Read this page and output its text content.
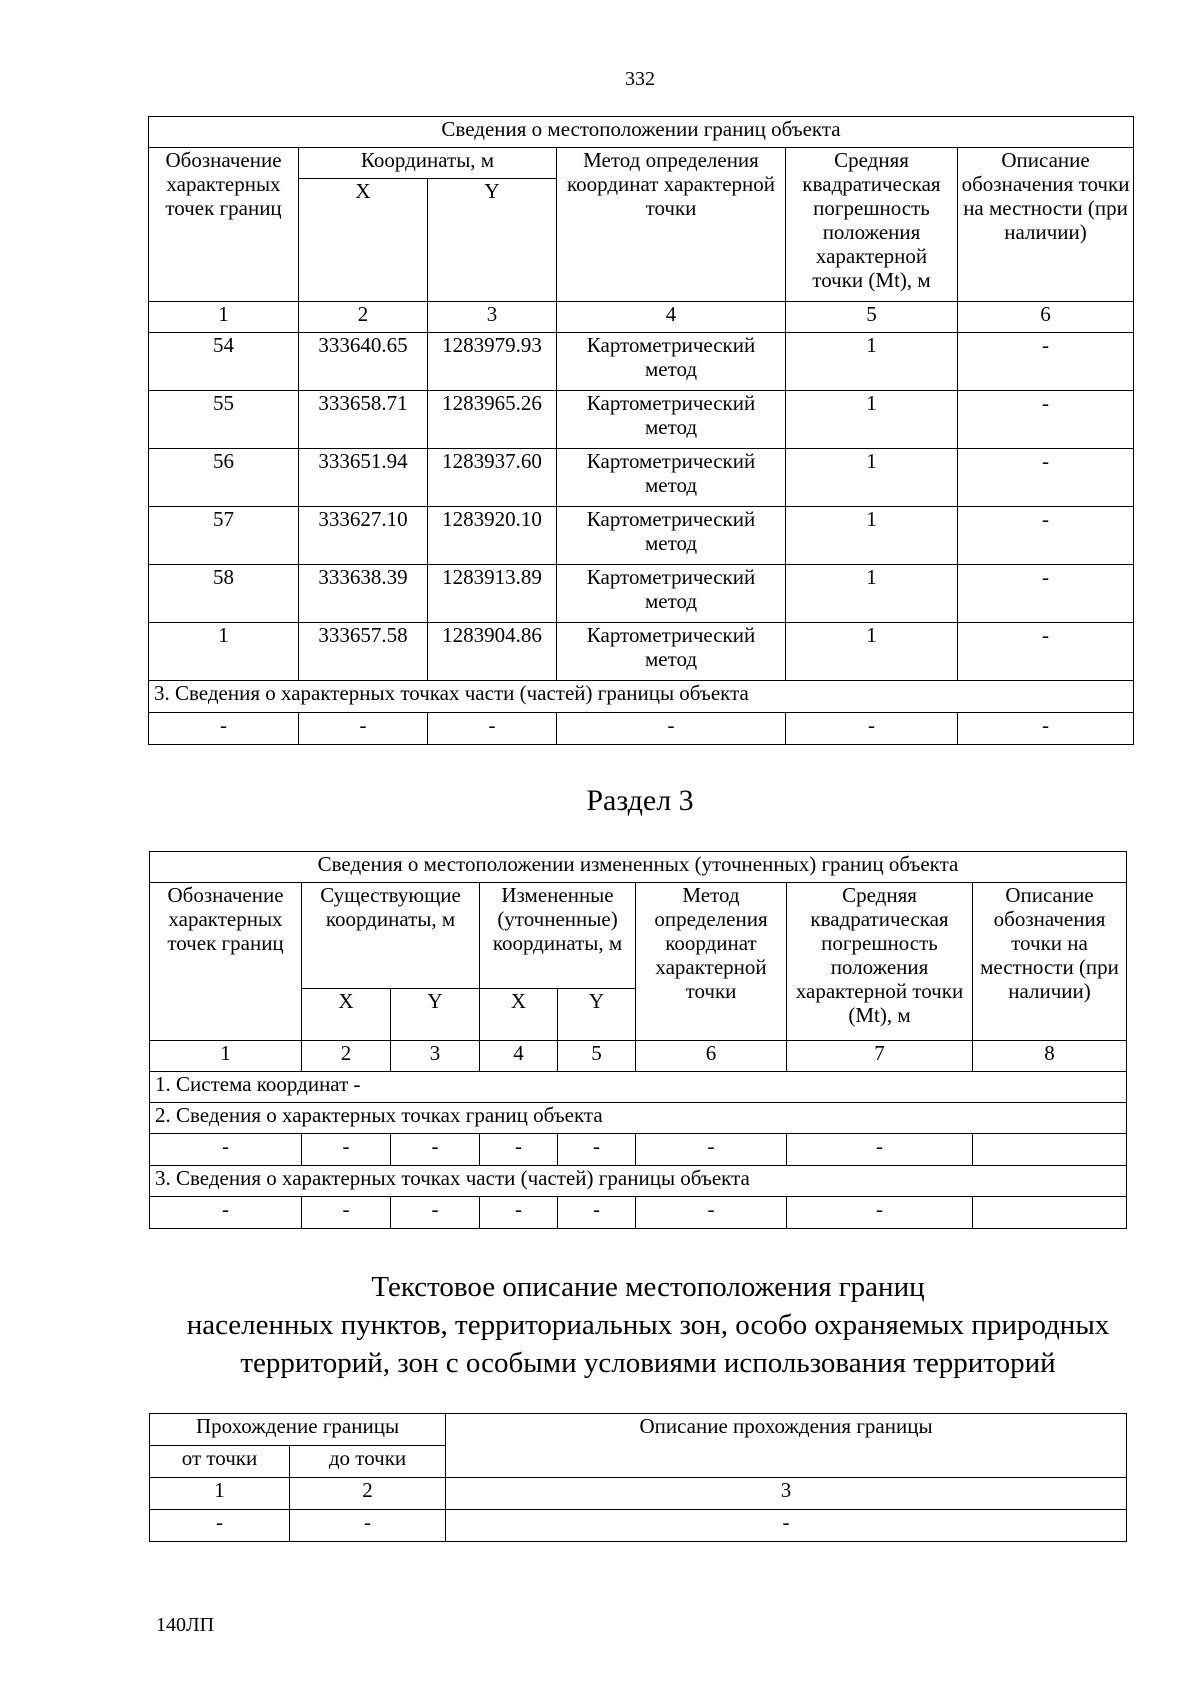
332
Сведения о местоположении границ объекта					
Обозначение характерных точек границ	Координаты, м		Метод определения координат характерной точки	Средняя квадратическая погрешность положения характерной точки (Mt), м	Описание обозначения точки на местности (при наличии)
	X	Y			
1	2	3	4	5	6
54	333640.65	1283979.93	Картометрический метод	1	-
55	333658.71	1283965.26	Картометрический метод	1	-
56	333651.94	1283937.60	Картометрический метод	1	-
57	333627.10	1283920.10	Картометрический метод	1	-
58	333638.39	1283913.89	Картометрический метод	1	-
1	333657.58	1283904.86	Картометрический метод	1	-
3. Сведения о характерных точках части (частей) границы объекта					
-	-	-	-	-	-
Раздел 3
Сведения о местоположении измененных (уточненных) границ объекта							
Обозначение характерных точек границ	Существующие координаты, м		Измененные (уточненные) координаты, м		Метод определения координат характерной точки	Средняя квадратическая погрешность положения характерной точки (Mt), м	Описание обозначения точки на местности (при наличии)
	X	Y	X	Y			
1	2	3	4	5	6	7	8
1. Система координат -							
2. Сведения о характерных точках границ объекта							
-	-	-	-	-	-	-	
3. Сведения о характерных точках части (частей) границы объекта							
-	-	-	-	-	-	-	
Текстовое описание местоположения границ
населенных пунктов, территориальных зон, особо охраняемых природных
территорий, зон с особыми условиями использования территорий
Прохождение границы		Описание прохождения границы
от точки	до точки	
1	2	3
-	-	-
140ЛП
